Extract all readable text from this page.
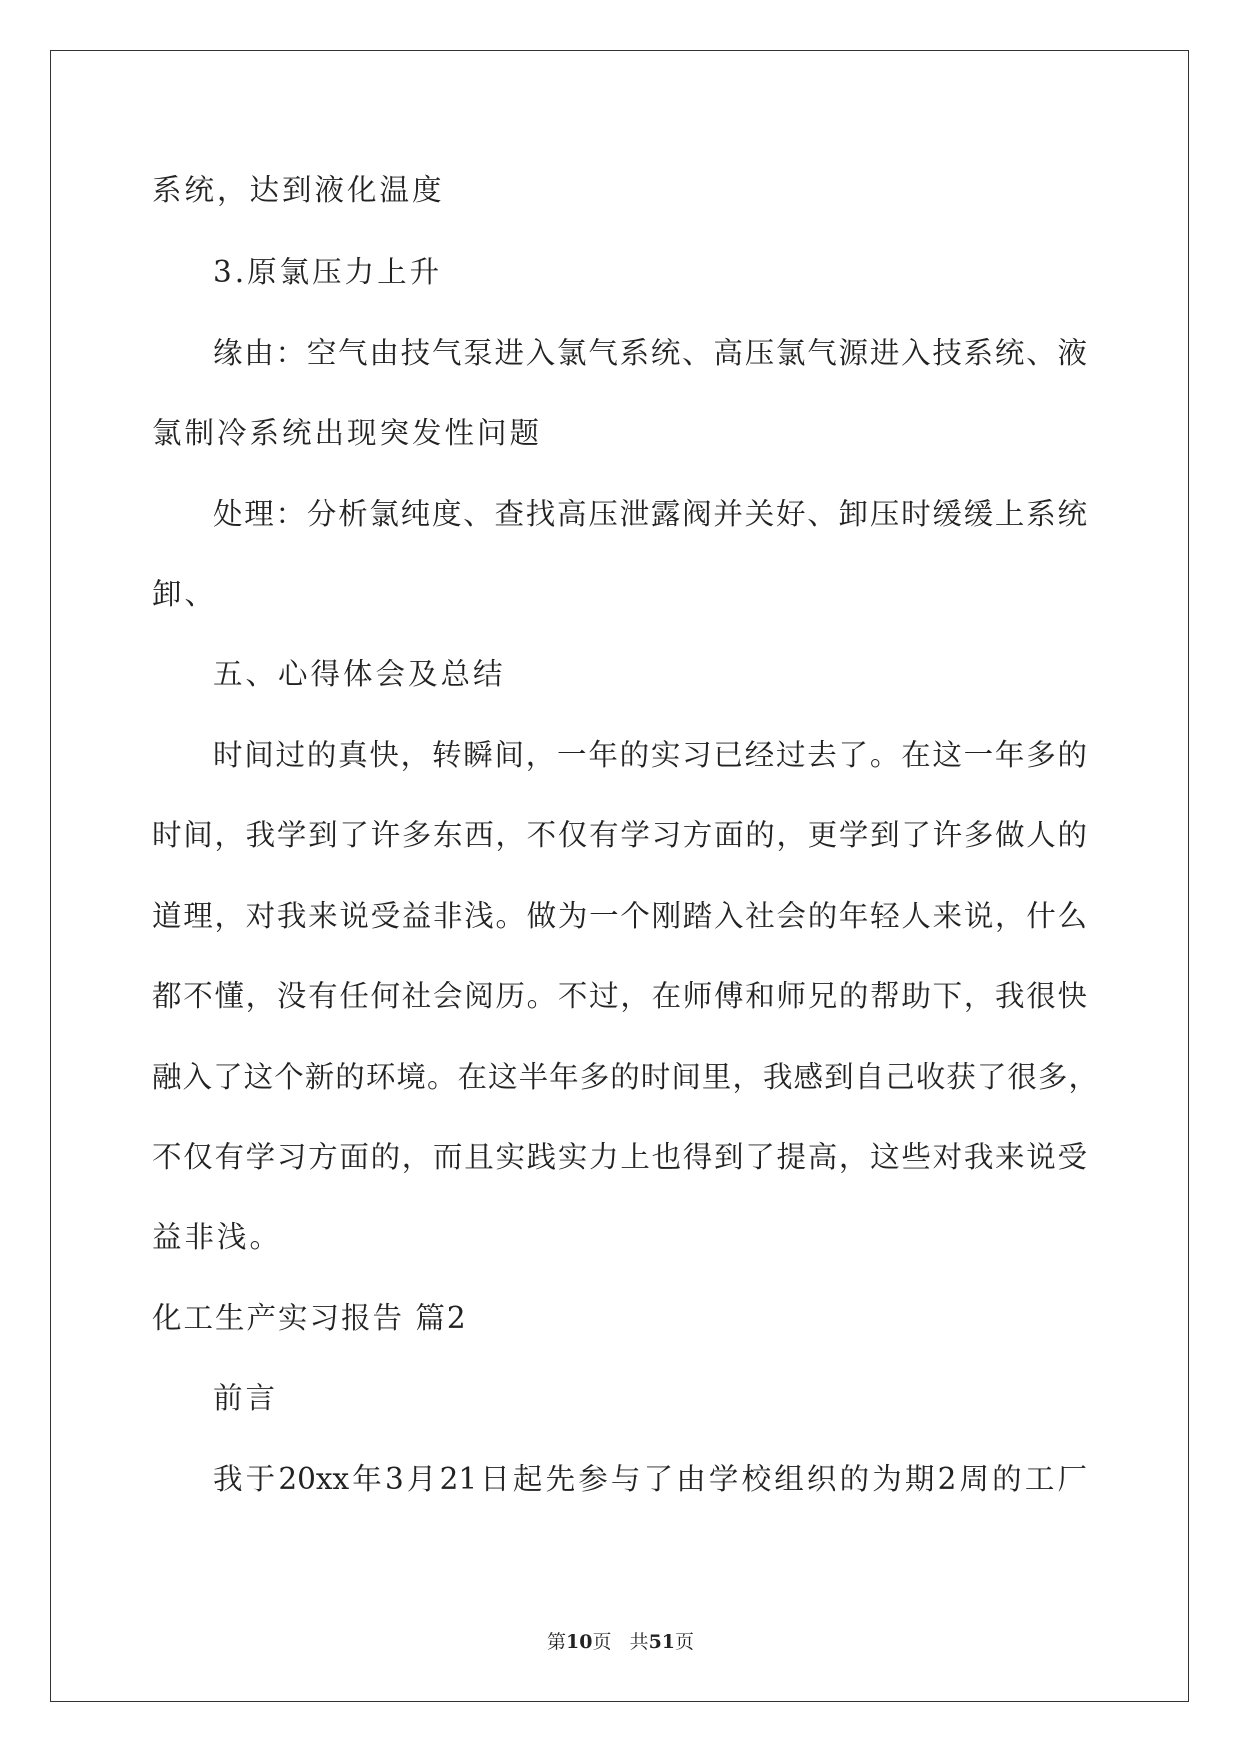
系统，达到液化温度
3.原氯压力上升
缘由：空气由技气泵进入氯气系统、高压氯气源进入技系统、液
氯制冷系统出现突发性问题
处理：分析氯纯度、查找高压泄露阀并关好、卸压时缓缓上系统
卸、
五、心得体会及总结
时间过的真快，转瞬间，一年的实习已经过去了。在这一年多的
时间，我学到了许多东西，不仅有学习方面的，更学到了许多做人的
道理，对我来说受益非浅。做为一个刚踏入社会的年轻人来说，什么
都不懂，没有任何社会阅历。不过，在师傅和师兄的帮助下，我很快
融入了这个新的环境。在这半年多的时间里，我感到自己收获了很多，
不仅有学习方面的，而且实践实力上也得到了提高，这些对我来说受
益非浅。
化工生产实习报告 篇2
前言
我于20xx年3月21日起先参与了由学校组织的为期2周的工厂
第10页   共51页
